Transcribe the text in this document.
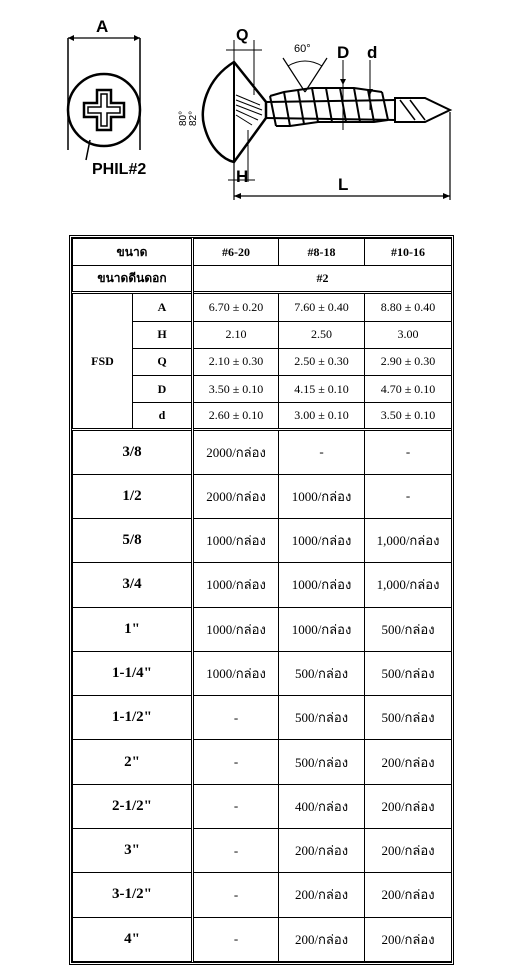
A
PHIL#2
Q
60° D d
80° 82°
H	L
ขนาด		#6-20	#8-18	#10-16
ขนาดดีนดอก		#2		
FSD	A	6.70 ± 0.20	7.60 ± 0.40	8.80 ± 0.40
	H	2.10	2.50	3.00
	Q	2.10 ± 0.30	2.50 ± 0.30	2.90 ± 0.30
	D	3.50 ± 0.10	4.15 ± 0.10	4.70 ± 0.10
	d	2.60 ± 0.10	3.00 ± 0.10	3.50 ± 0.10
3/8		2000/กล่อง	-	-
1/2		2000/กล่อง	1000/กล่อง	-
5/8		1000/กล่อง	1000/กล่อง	1,000/กล่อง
3/4		1000/กล่อง	1000/กล่อง	1,000/กล่อง
1"		1000/กล่อง	1000/กล่อง	500/กล่อง
1-1/4"		1000/กล่อง	500/กล่อง	500/กล่อง
1-1/2"		-	500/กล่อง	500/กล่อง
2"		-	500/กล่อง	200/กล่อง
2-1/2"		-	400/กล่อง	200/กล่อง
3"		-	200/กล่อง	200/กล่อง
3-1/2"		-	200/กล่อง	200/กล่อง
4"		-	200/กล่อง	200/กล่อง
